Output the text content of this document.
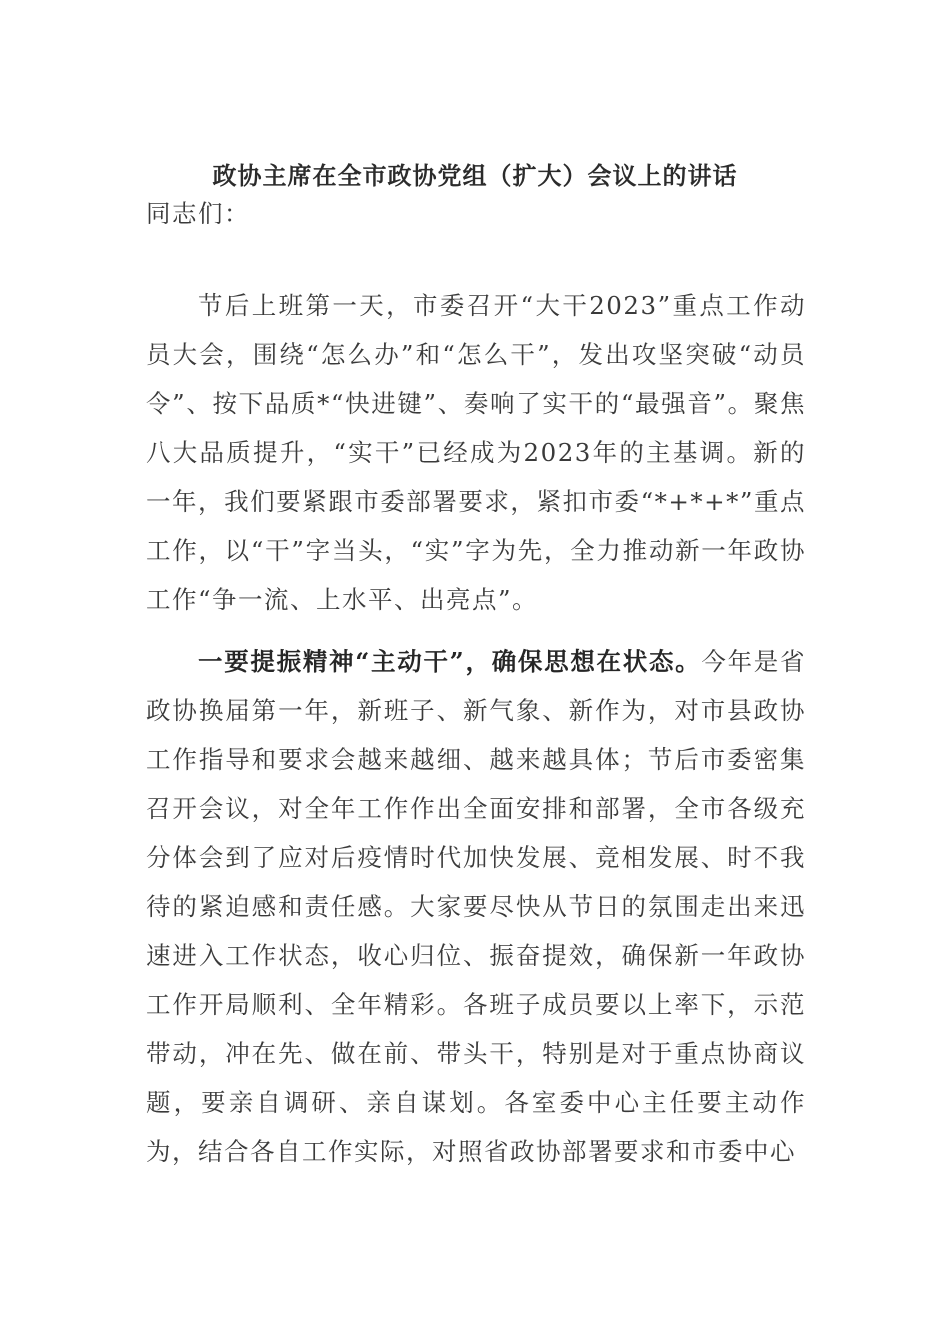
政协主席在全市政协党组（扩大）会议上的讲话

同志们：

节后上班第一天，市委召开“大干2023”重点工作动员大会，围绕“怎么办”和“怎么干”，发出攻坚突破“动员令”、按下品质*“快进键”、奏响了实干的“最强音”。聚焦八大品质提升，“实干”已经成为2023年的主基调。新的一年，我们要紧跟市委部署要求，紧扣市委“*+*+*”重点工作，以“干”字当头，“实”字为先，全力推动新一年政协工作“争一流、上水平、出亮点”。

一要提振精神“主动干”，确保思想在状态。今年是省政协换届第一年，新班子、新气象、新作为，对市县政协工作指导和要求会越来越细、越来越具体；节后市委密集召开会议，对全年工作作出全面安排和部署，全市各级充分体会到了应对后疫情时代加快发展、竞相发展、时不我待的紧迫感和责任感。大家要尽快从节日的氛围走出来迅速进入工作状态，收心归位、振奋提效，确保新一年政协工作开局顺利、全年精彩。各班子成员要以上率下，示范带动，冲在先、做在前、带头干，特别是对于重点协商议题，要亲自调研、亲自谋划。各室委中心主任要主动作为，结合各自工作实际，对照省政协部署要求和市委中心
